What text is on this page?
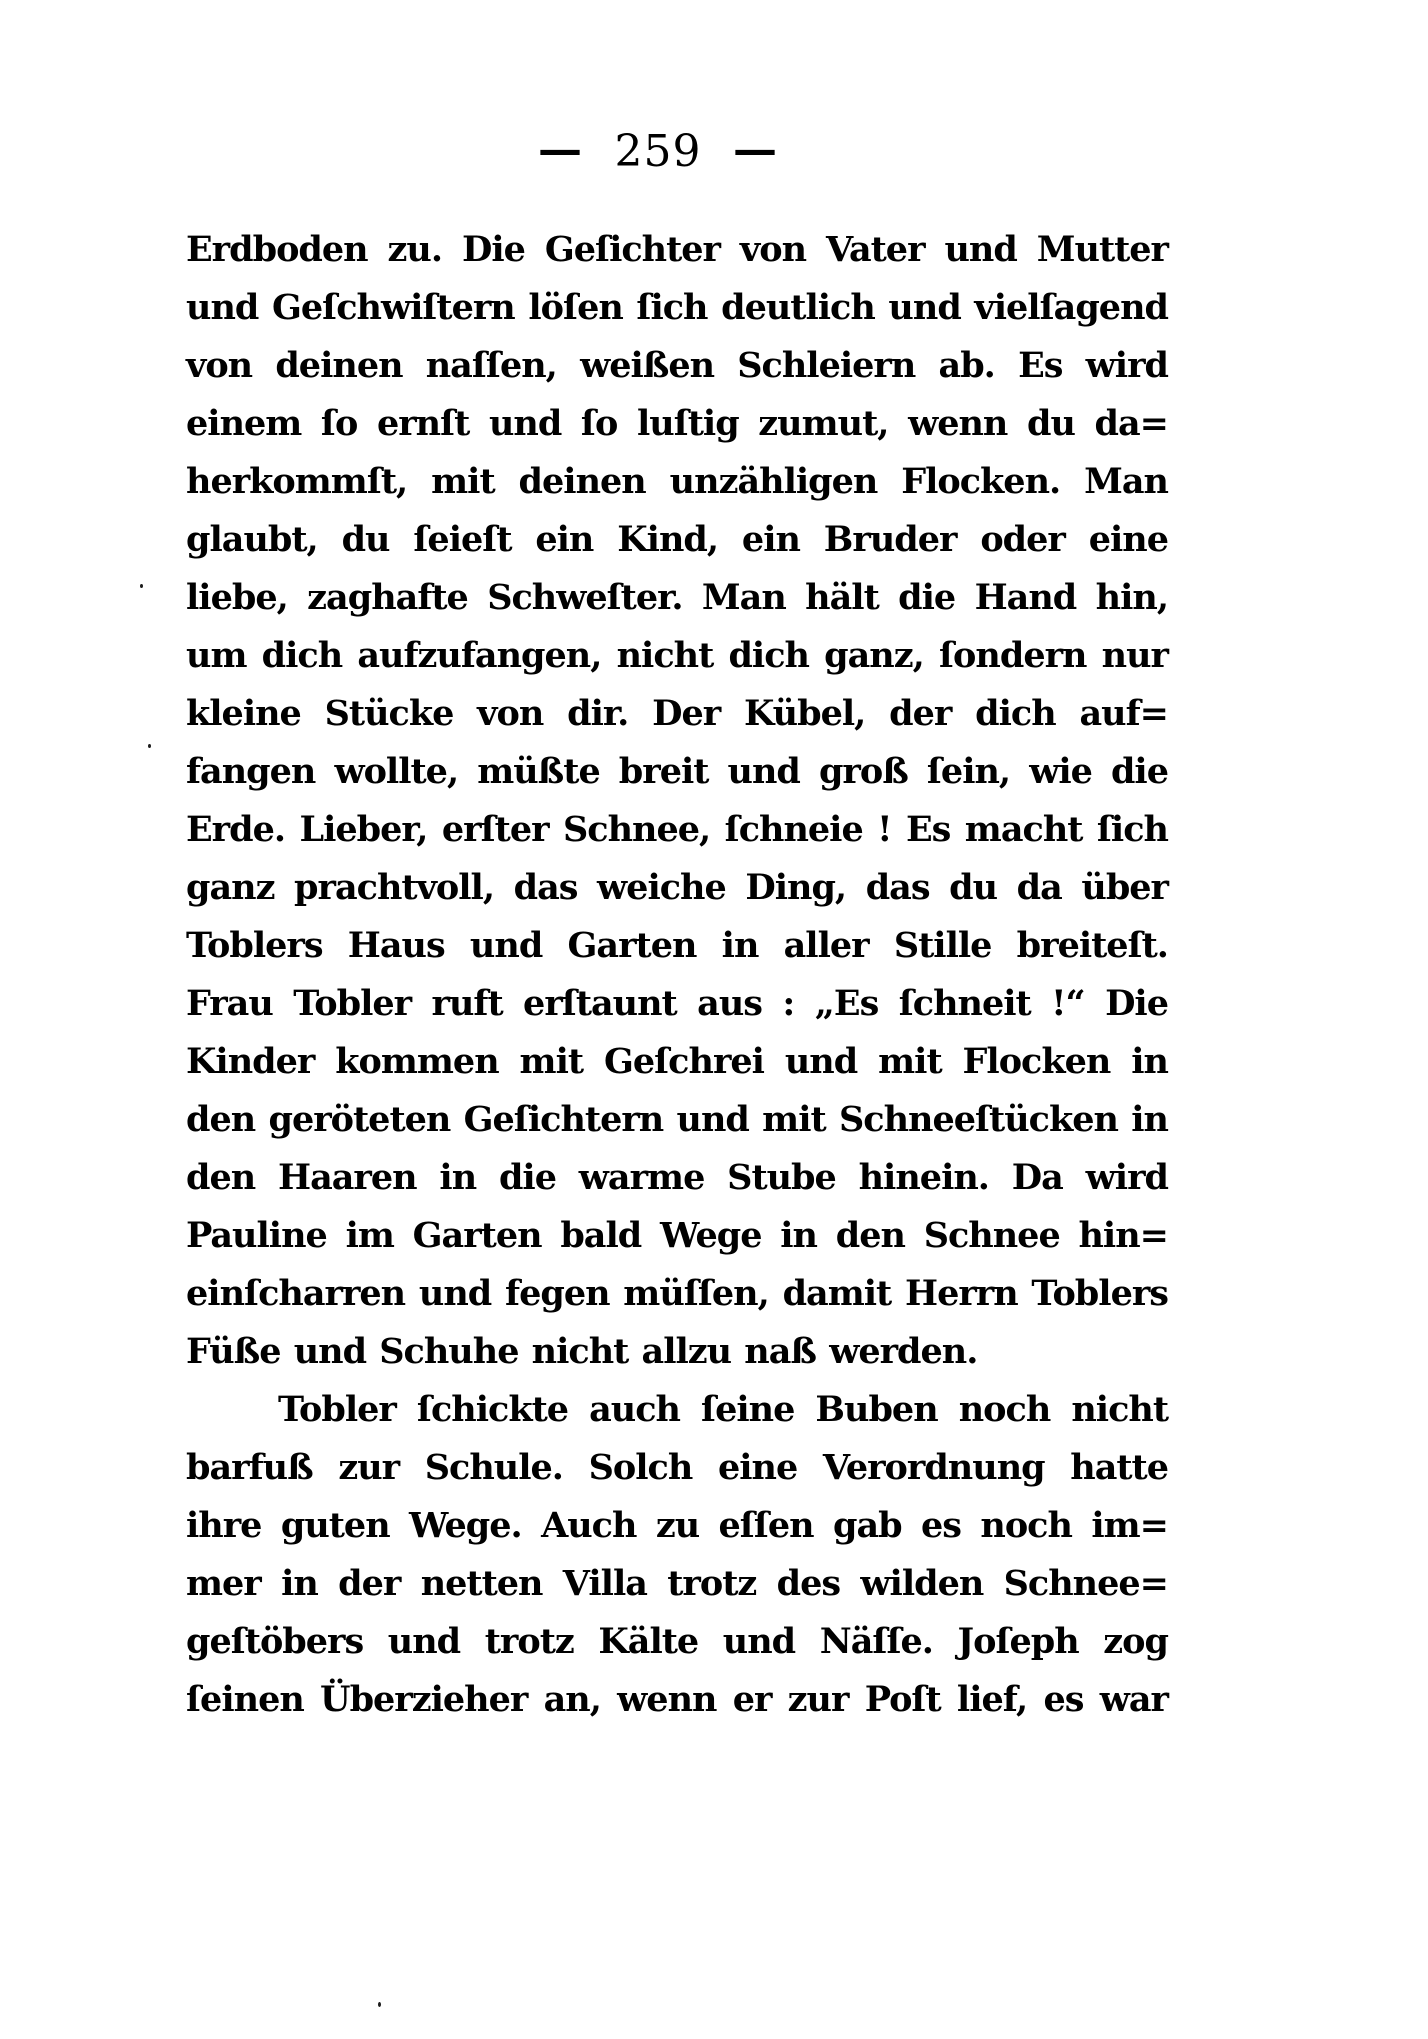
— 259 —
Erdboden zu. Die Geſichter von Vater und Mutter
und Geſchwiſtern löſen ſich deutlich und vielſagend
von deinen naſſen, weißen Schleiern ab. Es wird
einem ſo ernſt und ſo luſtig zumut, wenn du da=
herkommſt, mit deinen unzähligen Flocken. Man
glaubt, du ſeieſt ein Kind, ein Bruder oder eine
liebe, zaghafte Schweſter. Man hält die Hand hin,
um dich aufzufangen, nicht dich ganz, ſondern nur
kleine Stücke von dir. Der Kübel, der dich auf=
fangen wollte, müßte breit und groß ſein, wie die
Erde. Lieber, erſter Schnee, ſchneie ! Es macht ſich
ganz prachtvoll, das weiche Ding, das du da über
Toblers Haus und Garten in aller Stille breiteſt.
Frau Tobler ruft erſtaunt aus : „Es ſchneit !“ Die
Kinder kommen mit Geſchrei und mit Flocken in
den geröteten Geſichtern und mit Schneeſtücken in
den Haaren in die warme Stube hinein. Da wird
Pauline im Garten bald Wege in den Schnee hin=
einſcharren und fegen müſſen, damit Herrn Toblers
Füße und Schuhe nicht allzu naß werden.
Tobler ſchickte auch ſeine Buben noch nicht
barfuß zur Schule. Solch eine Verordnung hatte
ihre guten Wege. Auch zu eſſen gab es noch im=
mer in der netten Villa trotz des wilden Schnee=
geſtöbers und trotz Kälte und Näſſe. Joſeph zog
ſeinen Überzieher an, wenn er zur Poſt lief, es war
